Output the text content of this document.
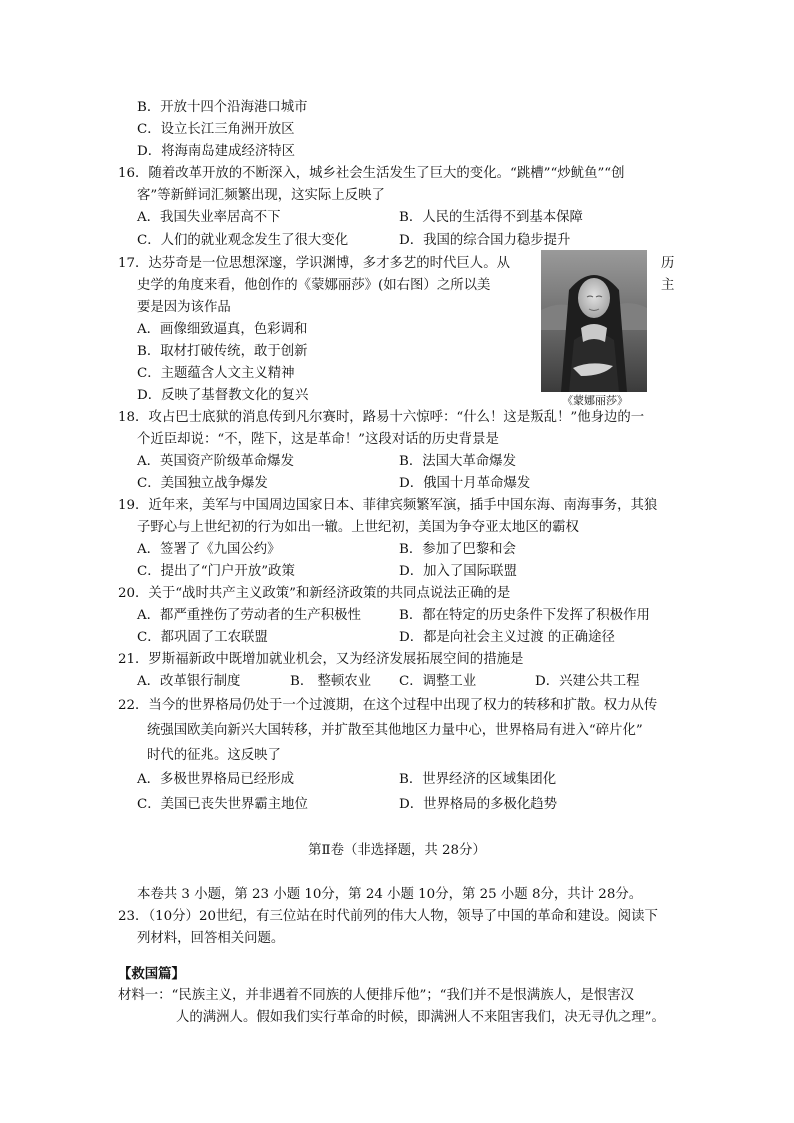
B．开放十四个沿海港口城市
C．设立长江三角洲开放区
D．将海南岛建成经济特区
16．随着改革开放的不断深入，城乡社会生活发生了巨大的变化。“跳槽”“炒鱿鱼”“创
客”等新鲜词汇频繁出现，这实际上反映了
A．我国失业率居高不下	B．人民的生活得不到基本保障
C．人们的就业观念发生了很大变化	D．我国的综合国力稳步提升
17．达芬奇是一位思想深邃，学识渊博，多才多艺的时代巨人。从	历
史学的角度来看，他创作的《蒙娜丽莎》(如右图）之所以美	主
要是因为该作品
A．画像细致逼真，色彩调和
B．取材打破传统，敢于创新
C．主题蕴含人文主义精神
D．反映了基督教文化的复兴	《蒙娜丽莎》
18．攻占巴士底狱的消息传到凡尔赛时，路易十六惊呼：“什么！这是叛乱！”他身边的一
个近臣却说：“不，陛下，这是革命！”这段对话的历史背景是
A．英国资产阶级革命爆发	B．法国大革命爆发
C．美国独立战争爆发	D．俄国十月革命爆发
19．近年来，美军与中国周边国家日本、菲律宾频繁军演，插手中国东海、南海事务，其狼
子野心与上世纪初的行为如出一辙。上世纪初，美国为争夺亚太地区的霸权
A．签署了《九国公约》	B．参加了巴黎和会
C．提出了“门户开放”政策	D．加入了国际联盟
20．关于“战时共产主义政策”和新经济政策的共同点说法正确的是
A．都严重挫伤了劳动者的生产积极性	B．都在特定的历史条件下发挥了积极作用
C．都巩固了工农联盟	D．都是向社会主义过渡 的正确途径
21．罗斯福新政中既增加就业机会，又为经济发展拓展空间的措施是
A．改革银行制度	B． 整顿农业 C．调整工业	D．兴建公共工程
22．当今的世界格局仍处于一个过渡期，在这个过程中出现了权力的转移和扩散。权力从传
统强国欧美向新兴大国转移，并扩散至其他地区力量中心，世界格局有进入“碎片化”
时代的征兆。这反映了
A．多极世界格局已经形成	B．世界经济的区域集团化
C．美国已丧失世界霸主地位	D．世界格局的多极化趋势
第Ⅱ卷（非选择题，共 28分）
本卷共 3 小题，第 23 小题 10分，第 24 小题 10分，第 25 小题 8分，共计 28分。
23．（10分）20世纪，有三位站在时代前列的伟大人物，领导了中国的革命和建设。阅读下
列材料，回答相关问题。
【救国篇】
材料一：“民族主义，并非遇着不同族的人便排斥他”；“我们并不是恨满族人，是恨害汉
人的满洲人。假如我们实行革命的时候，即满洲人不来阻害我们，决无寻仇之理”。
